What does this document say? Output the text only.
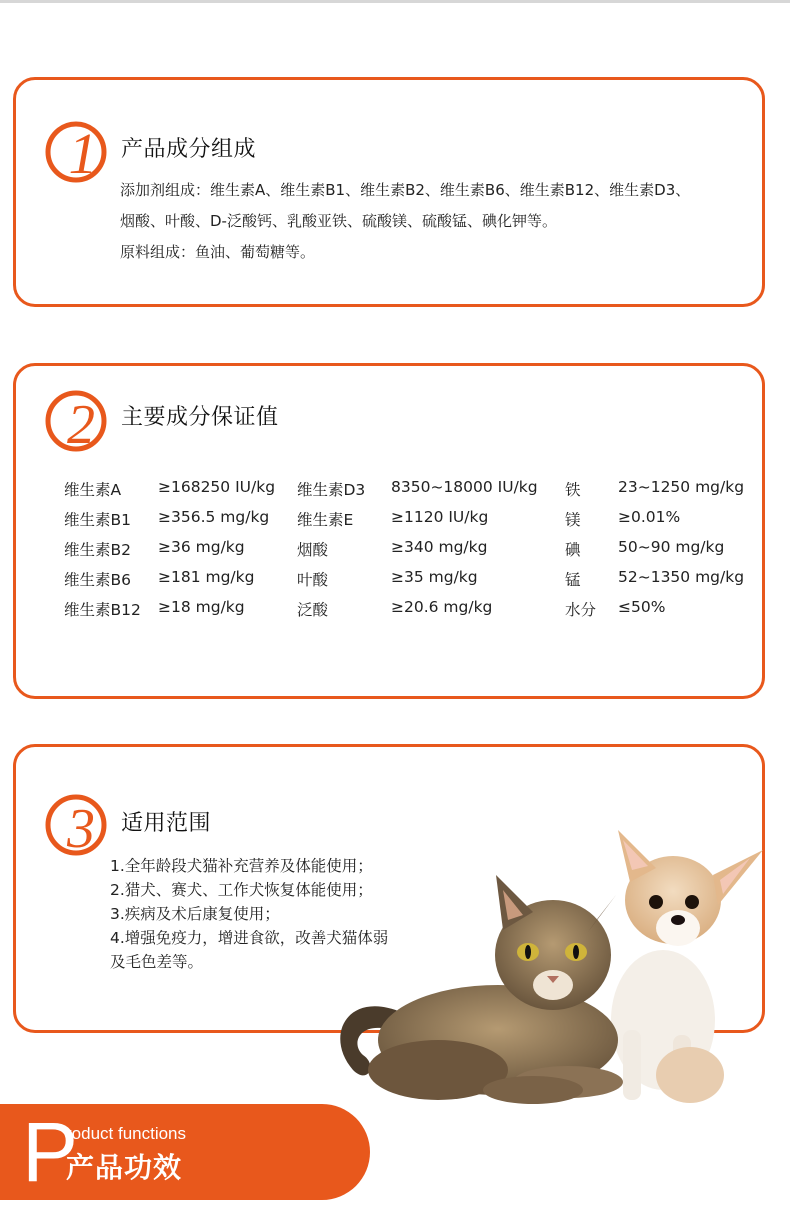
1 产品成分组成
添加剂组成：维生素A、维生素B1、维生素B2、维生素B6、维生素B12、维生素D3、
烟酸、叶酸、D-泛酸钙、乳酸亚铁、硫酸镁、硫酸锰、碘化钾等。
原料组成：鱼油、葡萄糖等。
2 主要成分保证值
维生素A ≥168250 IU/kg 维生素D3 8350~18000 IU/kg 铁 23~1250 mg/kg
维生素B1 ≥356.5 mg/kg 维生素E ≥1120 IU/kg	镁 ≥0.01%
维生素B2 ≥36 mg/kg	烟酸	≥340 mg/kg	碘 50~90 mg/kg
维生素B6 ≥181 mg/kg	叶酸	≥35 mg/kg	锰 52~1350 mg/kg
维生素B12 ≥18 mg/kg	泛酸	≥20.6 mg/kg	水分 ≤50%
3 适用范围
1.全年龄段犬猫补充营养及体能使用；
2.猎犬、赛犬、工作犬恢复体能使用；
3.疾病及术后康复使用；
4.增强免疫力，增进食欲，改善犬猫体弱
及毛色差等。
P
roduct functions
产品功效
